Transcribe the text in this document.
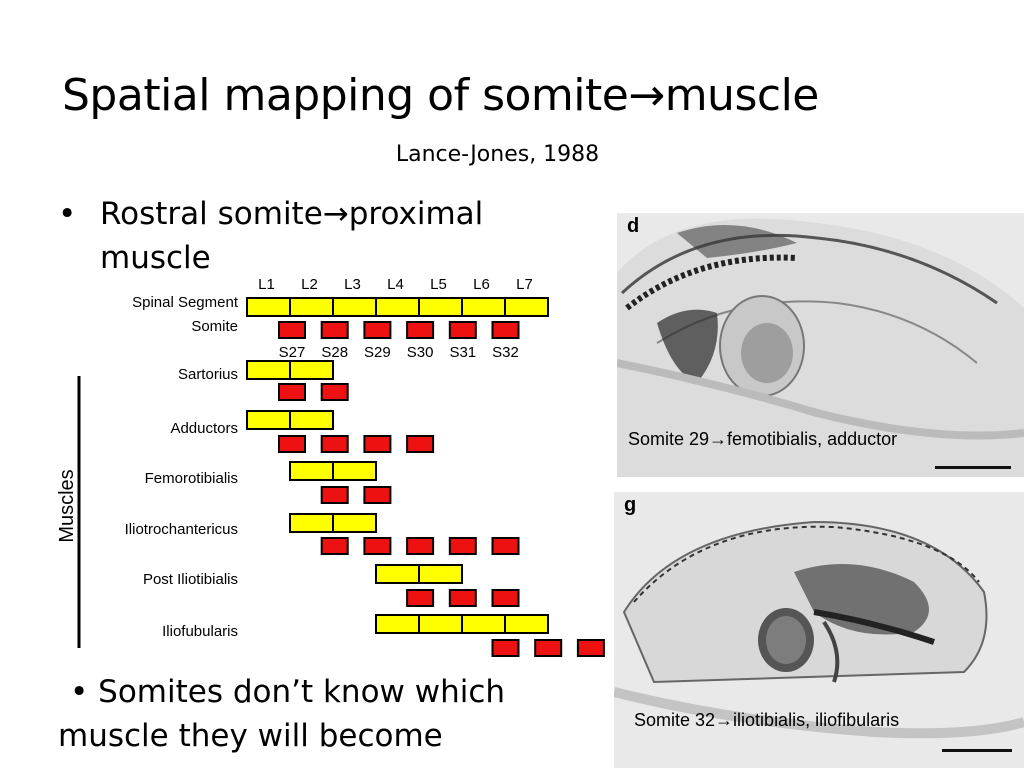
Spatial mapping of somite→muscle
Lance-Jones, 1988
• Rostral somite→proximal
muscle
L1 L2 L3 L4 L5 L6 L7
S27 S28 S29 S30 S31 S32
Spinal Segment
Somite
Sartorius
Adductors
Femorotibialis
Iliotrochantericus
Post Iliotibialis
Iliofubularis
Muscles
• Somites don’t know which
muscle they will become
d
Somite 29→femotibialis, adductor
g
Somite 32→iliotibialis, iliofibularis
